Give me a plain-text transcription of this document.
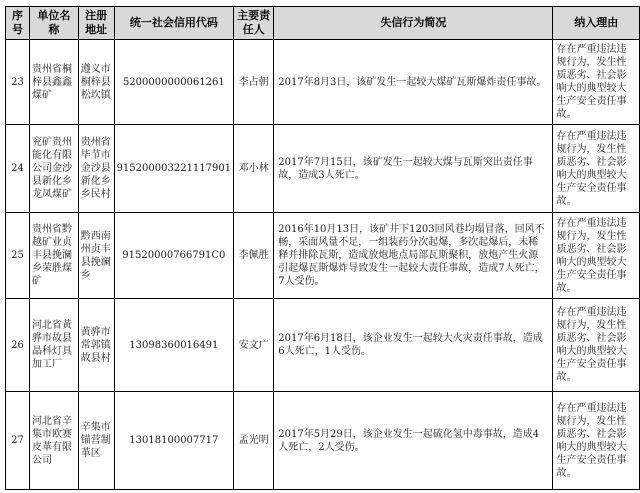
序号	单位名称	注册地址	统一社会信用代码	主要责任人	失信行为简况	纳入理由
23	贵州省桐梓县鑫鑫煤矿	遵义市桐梓县松坎镇	5200000000061261	李占朝	2017年8月3日，该矿发生一起较大煤矿瓦斯爆炸责任事故。	存在严重违法违规行为，发生性质恶劣、社会影响大的典型较大生产安全责任事故。
24	兖矿贵州能化有限公司金沙县新化乡龙凤煤矿	贵州省毕节市金沙县新化乡乡民村	915200003221117901	邓小林	2017年7月15日，该矿发生一起较大煤与瓦斯突出责任事故，造成3人死亡。	存在严重违法违规行为，发生性质恶劣、社会影响大的典型较大生产安全责任事故。
25	贵州省黔越矿业贞丰县挽澜乡荣胜煤矿	黔西南州贞丰县挽澜乡	91520000766791C0	李佩胜	2016年10月13日，该矿井下1203回风巷均塌冒落，回风不畅，采面风量不足，一组装药分次起爆，多次起爆后，未稀释并排除瓦斯，造成放炮地点局部瓦斯聚积，放炮产生火源引起爆瓦斯爆炸导致发生一起较大责任事故，造成7人死亡，7人受伤。	存在严重违法违规行为，发生性质恶劣、社会影响大的典型较大生产安全责任事故。
26	河北省黄骅市故县晶科灯具加工厂	黄骅市常郭镇故县村	13098360016491	安文广	2017年6月18日，该企业发生一起较大火灾责任事故，造成6人死亡，1人受伤。	存在严重违法违规行为，发生性质恶劣、社会影响大的典型较大生产安全责任事故。
27	河北省辛集市欧赛皮革有限公司	辛集市锚营制革区	13018100007717	孟光明	2017年5月29日，该企业发生一起硫化氢中毒事故，造成4人死亡，2人受伤。	存在严重违法违规行为，发生性质恶劣、社会影响大的典型较大生产安全责任事故。
